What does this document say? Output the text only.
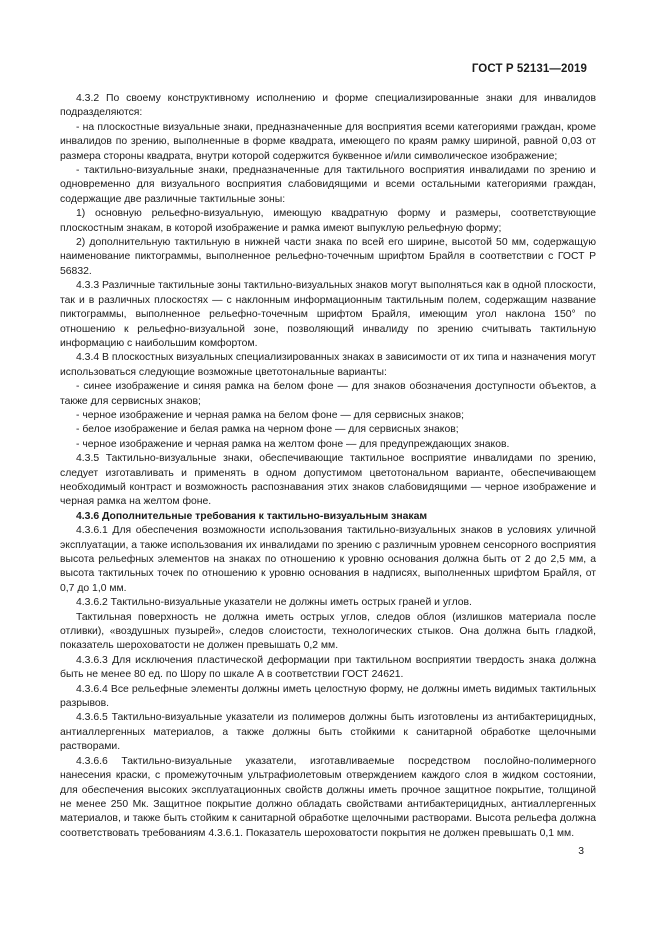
ГОСТ Р 52131—2019

4.3.2 По своему конструктивному исполнению и форме специализированные знаки для инвалидов подразделяются:

- на плоскостные визуальные знаки, предназначенные для восприятия всеми категориями граждан, кроме инвалидов по зрению, выполненные в форме квадрата, имеющего по краям рамку шириной, равной 0,03 от размера стороны квадрата, внутри которой содержится буквенное и/или символическое изображение;

- тактильно-визуальные знаки, предназначенные для тактильного восприятия инвалидами по зрению и одновременно для визуального восприятия слабовидящими и всеми остальными категориями граждан, содержащие две различные тактильные зоны:

1) основную рельефно-визуальную, имеющую квадратную форму и размеры, соответствующие плоскостным знакам, в которой изображение и рамка имеют выпуклую рельефную форму;

2) дополнительную тактильную в нижней части знака по всей его ширине, высотой 50 мм, содержащую наименование пиктограммы, выполненное рельефно-точечным шрифтом Брайля в соответствии с ГОСТ Р 56832.

4.3.3 Различные тактильные зоны тактильно-визуальных знаков могут выполняться как в одной плоскости, так и в различных плоскостях — с наклонным информационным тактильным полем, содержащим название пиктограммы, выполненное рельефно-точечным шрифтом Брайля, имеющим угол наклона 150° по отношению к рельефно-визуальной зоне, позволяющий инвалиду по зрению считывать тактильную информацию с наибольшим комфортом.

4.3.4 В плоскостных визуальных специализированных знаках в зависимости от их типа и назначения могут использоваться следующие возможные цветотональные варианты:

- синее изображение и синяя рамка на белом фоне — для знаков обозначения доступности объектов, а также для сервисных знаков;

- черное изображение и черная рамка на белом фоне — для сервисных знаков;

- белое изображение и белая рамка на черном фоне — для сервисных знаков;

- черное изображение и черная рамка на желтом фоне — для предупреждающих знаков.

4.3.5 Тактильно-визуальные знаки, обеспечивающие тактильное восприятие инвалидами по зрению, следует изготавливать и применять в одном допустимом цветотональном варианте, обеспечивающем необходимый контраст и возможность распознавания этих знаков слабовидящими — черное изображение и черная рамка на желтом фоне.

4.3.6 Дополнительные требования к тактильно-визуальным знакам

4.3.6.1 Для обеспечения возможности использования тактильно-визуальных знаков в условиях уличной эксплуатации, а также использования их инвалидами по зрению с различным уровнем сенсорного восприятия высота рельефных элементов на знаках по отношению к уровню основания должна быть от 2 до 2,5 мм, а высота тактильных точек по отношению к уровню основания в надписях, выполненных шрифтом Брайля, от 0,7 до 1,0 мм.

4.3.6.2 Тактильно-визуальные указатели не должны иметь острых граней и углов.

Тактильная поверхность не должна иметь острых углов, следов облоя (излишков материала после отливки), «воздушных пузырей», следов слоистости, технологических стыков. Она должна быть гладкой, показатель шероховатости не должен превышать 0,2 мм.

4.3.6.3 Для исключения пластической деформации при тактильном восприятии твердость знака должна быть не менее 80 ед. по Шору по шкале А в соответствии ГОСТ 24621.

4.3.6.4 Все рельефные элементы должны иметь целостную форму, не должны иметь видимых тактильных разрывов.

4.3.6.5 Тактильно-визуальные указатели из полимеров должны быть изготовлены из антибактерицидных, антиаллергенных материалов, а также должны быть стойкими к санитарной обработке щелочными растворами.

4.3.6.6 Тактильно-визуальные указатели, изготавливаемые посредством послойно-полимерного нанесения краски, с промежуточным ультрафиолетовым отверждением каждого слоя в жидком состоянии, для обеспечения высоких эксплуатационных свойств должны иметь прочное защитное покрытие, толщиной не менее 250 Мк. Защитное покрытие должно обладать свойствами антибактерицидных, антиаллергенных материалов, и также быть стойким к санитарной обработке щелочными растворами. Высота рельефа должна соответствовать требованиям 4.3.6.1. Показатель шероховатости покрытия не должен превышать 0,1 мм.

3
